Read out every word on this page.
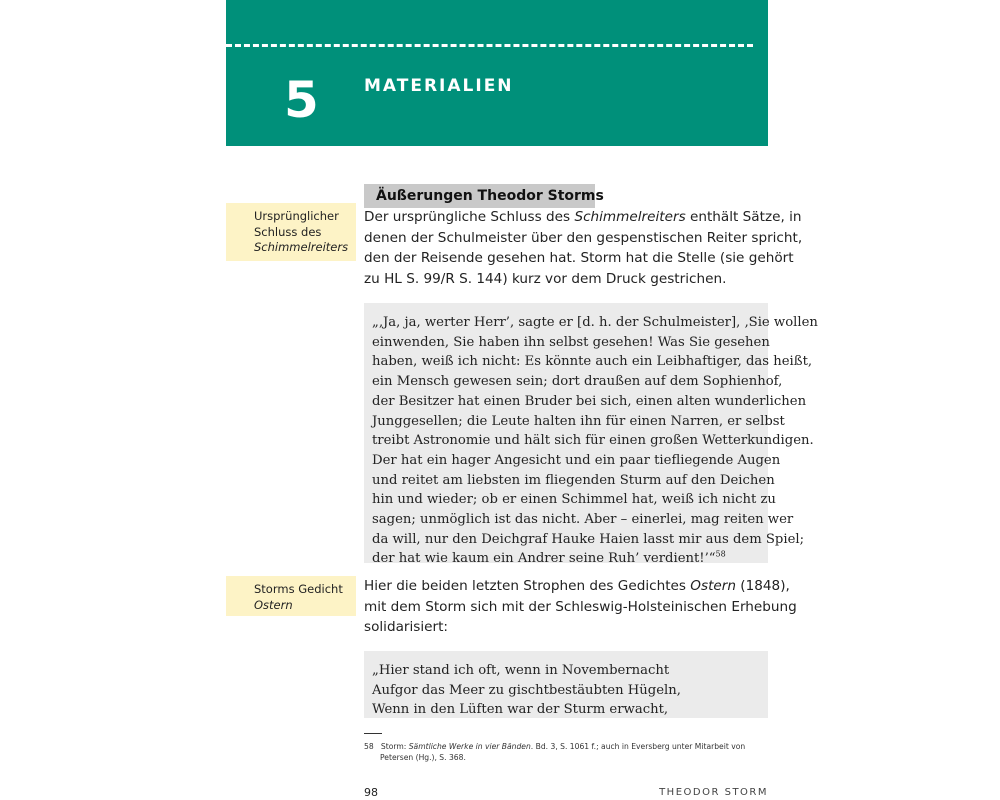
5	MATERIALIEN
Äußerungen Theodor Storms
Ursprünglicher
Schluss des
Schimmelreiters
Der ursprüngliche Schluss des Schimmelreiters enthält Sätze, in
denen der Schulmeister über den gespenstischen Reiter spricht,
den der Reisende gesehen hat. Storm hat die Stelle (sie gehört
zu HL S. 99/R S. 144) kurz vor dem Druck gestrichen.
„‚Ja, ja, werter Herr’, sagte er [d. h. der Schulmeister], ‚Sie wollen
einwenden, Sie haben ihn selbst gesehen! Was Sie gesehen
haben, weiß ich nicht: Es könnte auch ein Leibhaftiger, das heißt,
ein Mensch gewesen sein; dort draußen auf dem Sophienhof,
der Besitzer hat einen Bruder bei sich, einen alten wunderlichen
Junggesellen; die Leute halten ihn für einen Narren, er selbst
treibt Astronomie und hält sich für einen großen Wetterkundigen.
Der hat ein hager Angesicht und ein paar tiefliegende Augen
und reitet am liebsten im fliegenden Sturm auf den Deichen
hin und wieder; ob er einen Schimmel hat, weiß ich nicht zu
sagen; unmöglich ist das nicht. Aber – einerlei, mag reiten wer
da will, nur den Deichgraf Hauke Haien lasst mir aus dem Spiel;
der hat wie kaum ein Andrer seine Ruh’ verdient!’“$^{58}$
Storms Gedicht
Ostern
Hier die beiden letzten Strophen des Gedichtes Ostern (1848),
mit dem Storm sich mit der Schleswig-Holsteinischen Erhebung
solidarisiert:
„Hier stand ich oft, wenn in Novembernacht
Aufgor das Meer zu gischtbestäubten Hügeln,
Wenn in den Lüften war der Sturm erwacht,
58 Storm: Sämtliche Werke in vier Bänden. Bd. 3, S. 1061 f.; auch in Eversberg unter Mitarbeit von
Petersen (Hg.), S. 368.
98	THEODOR STORM
